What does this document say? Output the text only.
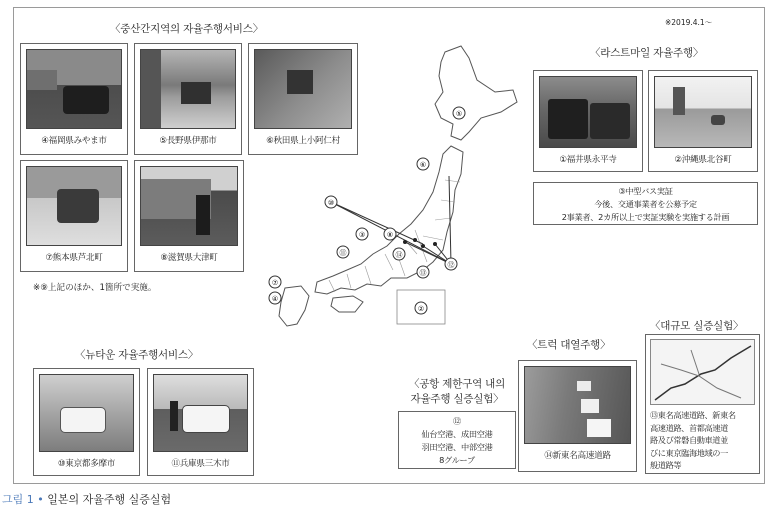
※2019.4.1～
〈중산간지역의 자율주행서비스〉
〈라스트마일 자율주행〉
〈뉴타운 자율주행서비스〉
〈공항 제한구역 내의
자율주행 실증실험〉
〈트럭 대열주행〉
〈대규모 실증실험〉
④福岡県みやま市	⑤長野県伊那市	⑥秋田県上小阿仁村
⑦熊本県芦北町	⑧滋賀県大津町
※⑨上記のほか、1箇所で実施。
①福井県永平寺	②沖縄県北谷町
③中型バス実証
今後、交通事業者を公募予定
2事業者、2カ所以上で実証実験を実施する計画
⑩東京都多摩市	⑪兵庫県三木市
⑫
仙台空港、成田空港
羽田空港、中部空港
8グループ	⑭新東名高速道路
⑬東名高速道路、新東名
高速道路、首都高速道
路及び常磐自動車道並
びに東京臨海地域の一
般道路等
⑤
⑥
⑩
③
⑪
⑧
⑭
⑬
⑫
⑦
④
②
그림 1 • 일본의 자율주행 실증실험
